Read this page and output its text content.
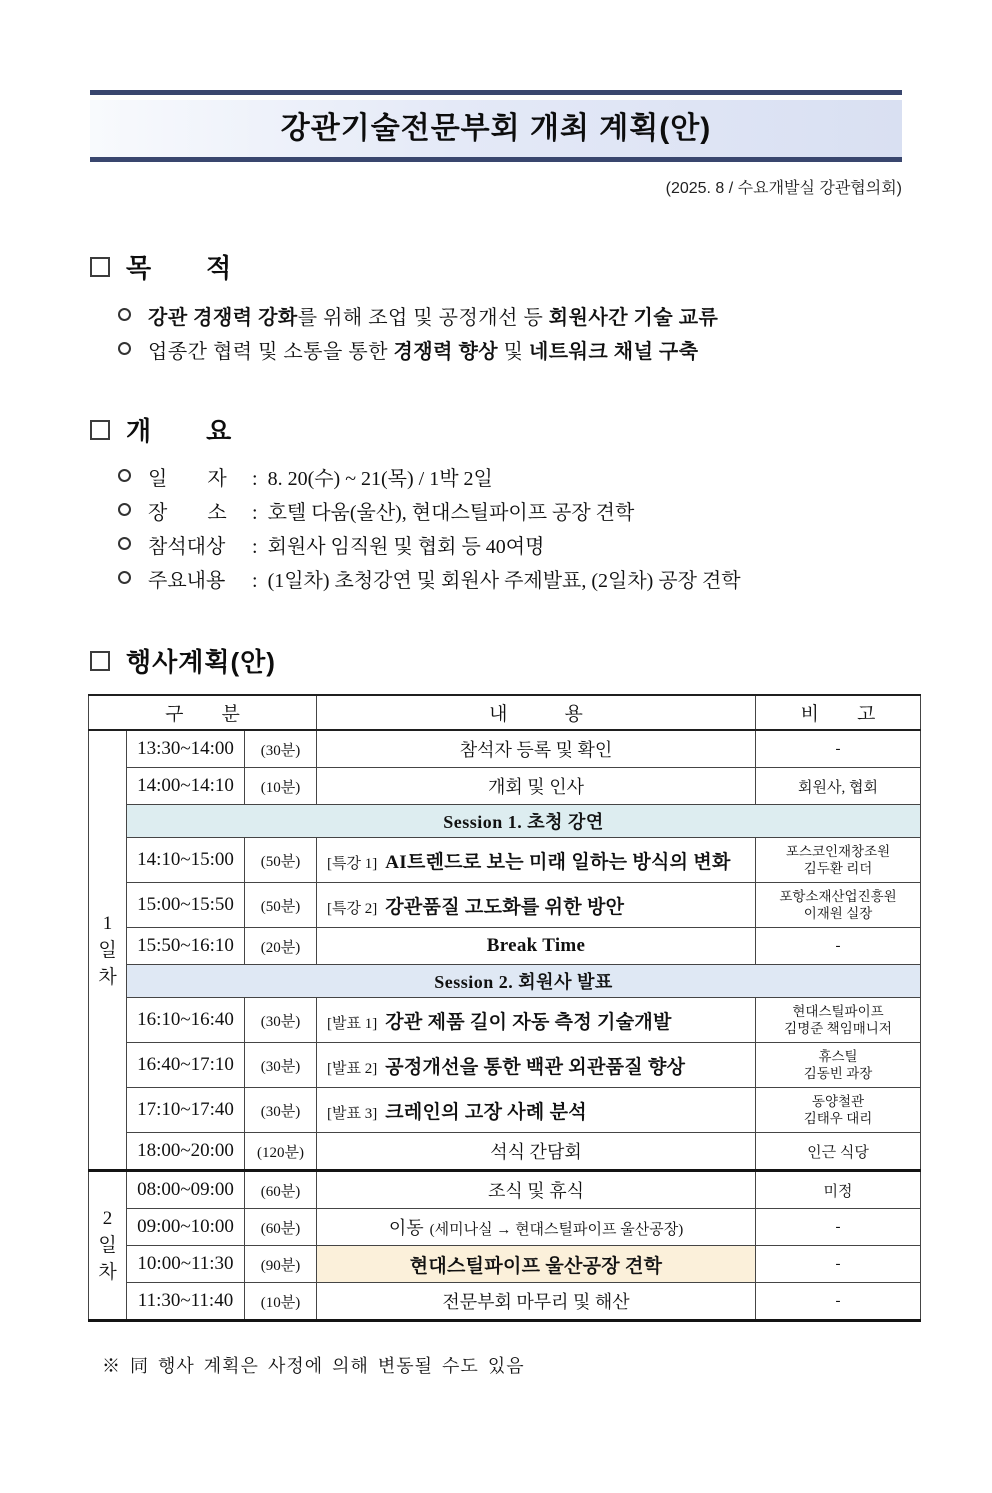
강관기술전문부회 개최 계획(안)
(2025. 8 / 수요개발실 강관협의회)
목　　적
강관 경쟁력 강화를 위해 조업 및 공정개선 등 회원사간 기술 교류
업종간 협력 및 소통을 통한 경쟁력 향상 및 네트워크 채널 구축
개　　요
일　　자	: 8. 20(수) ~ 21(목) / 1박 2일
장　　소	: 호텔 다움(울산), 현대스틸파이프 공장 견학
참석대상	: 회원사 임직원 및 협회 등 40여명
주요내용	: (1일차) 초청강연 및 회원사 주제발표, (2일차) 공장 견학
행사계획(안)
구　　분			내　　　용	비　　고

1
일
차	13:30~14:00	(30분)	참석자 등록 및 확인	-
	14:00~14:10	(10분)	개회 및 인사	회원사, 협회
	Session 1. 초청 강연			
	14:10~15:00	(50분)	[특강 1] AI트렌드로 보는 미래 일하는 방식의 변화	포스코인재창조원
김두환 리더

	15:00~15:50	(50분)	[특강 2] 강관품질 고도화를 위한 방안	포항소재산업진흥원
이재원 실장

	15:50~16:10	(20분)	Break Time	-
	Session 2. 회원사 발표			
	16:10~16:40	(30분)	[발표 1] 강관 제품 길이 자동 측정 기술개발	현대스틸파이프
김명준 책임매니저

	16:40~17:10	(30분)	[발표 2] 공정개선을 통한 백관 외관품질 향상	휴스틸
김동빈 과장

	17:10~17:40	(30분)	[발표 3] 크레인의 고장 사례 분석	동양철관
김태우 대리

	18:00~20:00	(120분)	석식 간담회	인근 식당

2
일
차	08:00~09:00	(60분)	조식 및 휴식	미정
	09:00~10:00	(60분)	이동 (세미나실 → 현대스틸파이프 울산공장)	-
	10:00~11:30	(90분)	현대스틸파이프 울산공장 견학	-
	11:30~11:40	(10분)	전문부회 마무리 및 해산	-
※ 同 행사 계획은 사정에 의해 변동될 수도 있음
